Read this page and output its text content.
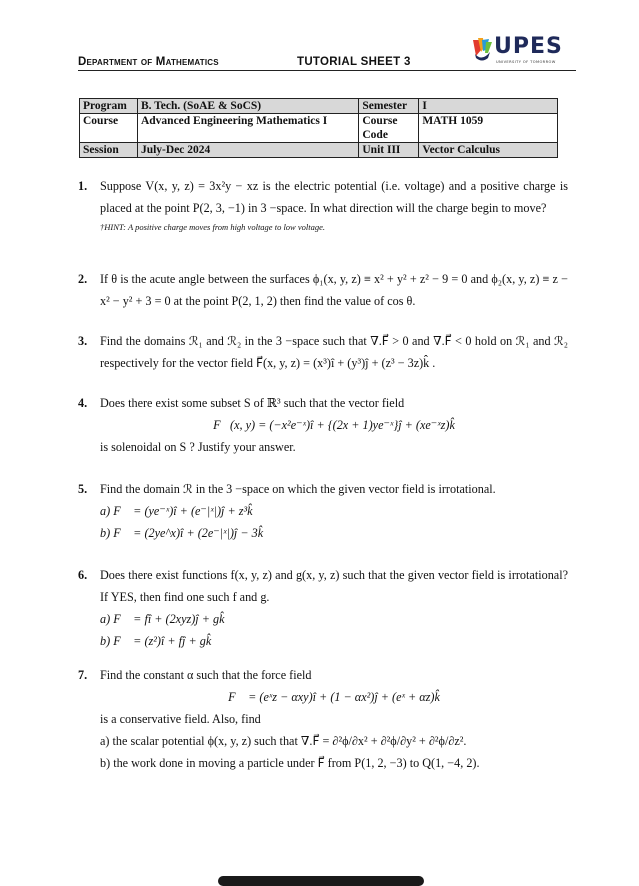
Department of Mathematics	TUTORIAL SHEET 3
UPES
UNIVERSITY OF TOMORROW
Program	B. Tech. (SoAE & SoCS)	Semester	I
Course	Advanced Engineering Mathematics I	Course Code	MATH 1059
Session	July-Dec 2024	Unit III	Vector Calculus
1. Suppose V(x, y, z) = 3x²y − xz is the electric potential (i.e. voltage) and a positive charge is placed at the point P(2, 3, −1) in 3 −space. In what direction will the charge begin to move?
†HINT: A positive charge moves from high voltage to low voltage.
2. If θ is the acute angle between the surfaces ϕ₁(x, y, z) ≡ x² + y² + z² − 9 = 0 and ϕ₂(x, y, z) ≡ z − x² − y² + 3 = 0 at the point P(2, 1, 2) then find the value of cos θ.
3. Find the domains ℛ₁ and ℛ₂ in the 3 −space such that ∇.F⃗ > 0 and ∇.F⃗ < 0 hold on ℛ₁ and ℛ₂ respectively for the vector field F⃗(x, y, z) = (x³)î + (y³)ĵ + (z³ − 3z)k̂ .
4. Does there exist some subset S of ℝ³ such that the vector field
F⃗(x, y) = (−x²e⁻ˣ)î + {(2x + 1)ye⁻ˣ}ĵ + (xe⁻ˣz)k̂
is solenoidal on S ? Justify your answer.
5. Find the domain ℛ in the 3 −space on which the given vector field is irrotational.
a) F⃗ = (ye⁻ˣ)î + (e⁻|ˣ|)ĵ + z³k̂
b) F⃗ = (2ye^x)î + (2e⁻|ˣ|)ĵ − 3k̂
6. Does there exist functions f(x, y, z) and g(x, y, z) such that the given vector field is irrotational? If YES, then find one such f and g.
a) F⃗ = fî + (2xyz)ĵ + gk̂
b) F⃗ = (z²)î + fĵ + gk̂
7. Find the constant α such that the force field
F⃗ = (eˣz − αxy)î + (1 − αx²)ĵ + (eˣ + αz)k̂
is a conservative field. Also, find
a) the scalar potential ϕ(x, y, z) such that ∇.F⃗ = ∂²ϕ/∂x² + ∂²ϕ/∂y² + ∂²ϕ/∂z².
b) the work done in moving a particle under F⃗ from P(1, 2, −3) to Q(1, −4, 2).
